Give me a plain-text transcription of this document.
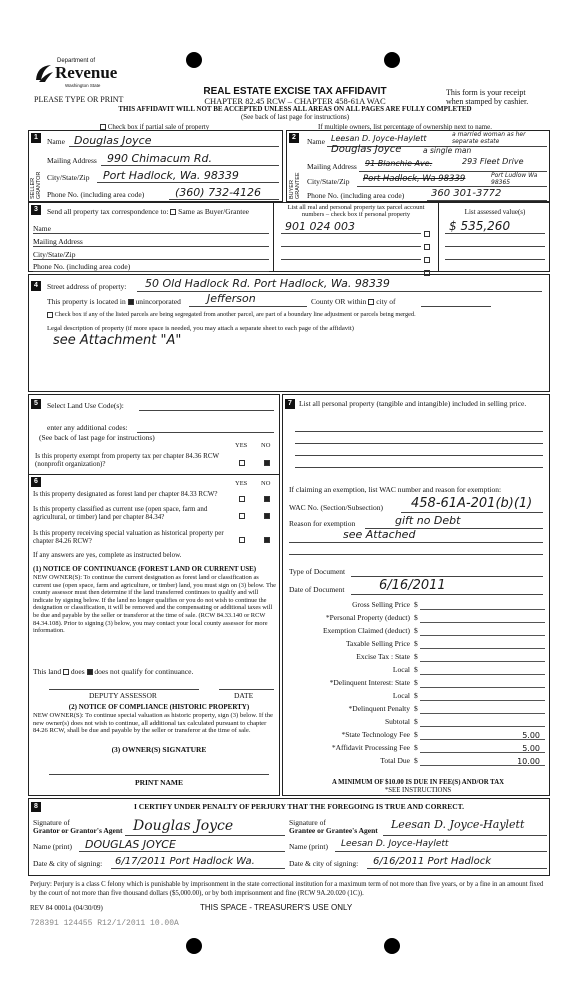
Department of
Revenue
Washington State
PLEASE TYPE OR PRINT
REAL ESTATE EXCISE TAX AFFIDAVIT
CHAPTER 82.45 RCW – CHAPTER 458-61A WAC
THIS AFFIDAVIT WILL NOT BE ACCEPTED UNLESS ALL AREAS ON ALL PAGES ARE FULLY COMPLETED
(See back of last page for instructions)
This form is your receipt
when stamped by cashier.
Check box if partial sale of property	If multiple owners, list percentage of ownership next to name.
1
SELLER GRANTOR
Name Douglas Joyce
Mailing Address 990 Chimacum Rd.
City/State/Zip Port Hadlock, Wa. 98339
Phone No. (including area code)	(360) 732-4126
2
BUYER GRANTEE
Name Leesan D. Joyce-Haylett	a married woman as her separate estate
Douglas Joyce	a single man
Mailing Address 91 Blanchie Ave.	293 Fleet Drive
City/State/Zip Port Hadlock, Wa 98339	Port Ludlow Wa 98365
Phone No. (including area code)	360 301-3772
3	Send all property tax correspondence to: Same as Buyer/Grantee
Name
Mailing Address
City/State/Zip
Phone No. (including area code)
List all real and personal property tax parcel account
numbers – check box if personal property
901 024 003
List assessed value(s)
$ 535,260
4	Street address of property: 50 Old Hadlock Rd. Port Hadlock, Wa. 98339
This property is located in unincorporated Jefferson	County OR within city of
Check box if any of the listed parcels are being segregated from another parcel, are part of a boundary line adjustment or parcels being merged.
Legal description of property (if more space is needed, you may attach a separate sheet to each page of the affidavit)
see Attachment "A"
5	Select Land Use Code(s):
enter any additional codes:
(See back of last page for instructions)
YES NO
Is this property exempt from property tax per chapter 84.36 RCW (nonprofit organization)?
6	YES NO
Is this property designated as forest land per chapter 84.33 RCW?
Is this property classified as current use (open space, farm and agricultural, or timber) land per chapter 84.34?
Is this property receiving special valuation as historical property per chapter 84.26 RCW?
If any answers are yes, complete as instructed below.
(1) NOTICE OF CONTINUANCE (FOREST LAND OR CURRENT USE)
NEW OWNER(S): To continue the current designation as forest land or classification as current use (open space, farm and agriculture, or timber) land, you must sign on (3) below. The county assessor must then determine if the land transferred continues to qualify and will indicate by signing below. If the land no longer qualifies or you do not wish to continue the designation or classification, it will be removed and the compensating or additional taxes will be due and payable by the seller or transferor at the time of sale. (RCW 84.33.140 or RCW 84.34.108). Prior to signing (3) below, you may contact your local county assessor for more information.
This land does does not qualify for continuance.
DEPUTY ASSESSOR	DATE
(2) NOTICE OF COMPLIANCE (HISTORIC PROPERTY)
NEW OWNER(S): To continue special valuation as historic property, sign (3) below. If the new owner(s) does not wish to continue, all additional tax calculated pursuant to chapter 84.26 RCW, shall be due and payable by the seller or transferor at the time of sale.
(3) OWNER(S) SIGNATURE
PRINT NAME
7 List all personal property (tangible and intangible) included in selling price.
If claiming an exemption, list WAC number and reason for exemption:
WAC No. (Section/Subsection) 458-61A-201(b)(1)
Reason for exemption	gift no Debt
see Attached
Type of Document
Date of Document	6/16/2011
Gross Selling Price $
*Personal Property (deduct) $
Exemption Claimed (deduct) $
Taxable Selling Price $
Excise Tax : State $
Local $
*Delinquent Interest: State $
Local $
*Delinquent Penalty $
Subtotal $
*State Technology Fee $	5.00
*Affidavit Processing Fee $	5.00
Total Due $	10.00
A MINIMUM OF $10.00 IS DUE IN FEE(S) AND/OR TAX
*SEE INSTRUCTIONS
8	I CERTIFY UNDER PENALTY OF PERJURY THAT THE FOREGOING IS TRUE AND CORRECT.
Signature of
Grantor or Grantor's Agent Douglas Joyce
Name (print) DOUGLAS JOYCE
Date & city of signing: 6/17/2011 Port Hadlock Wa.
Signature of
Grantee or Grantee's Agent Leesan D. Joyce-Haylett
Name (print) Leesan D. Joyce-Haylett
Date & city of signing: 6/16/2011 Port Hadlock
Perjury: Perjury is a class C felony which is punishable by imprisonment in the state correctional institution for a maximum term of not more than five years, or by a fine in an amount fixed by the court of not more than five thousand dollars ($5,000.00), or by both imprisonment and fine (RCW 9A.20.020 (1C)).
REV 84 0001a (04/30/09)	THIS SPACE - TREASURER'S USE ONLY
728391 124455 R12/1/2011 10.00A
